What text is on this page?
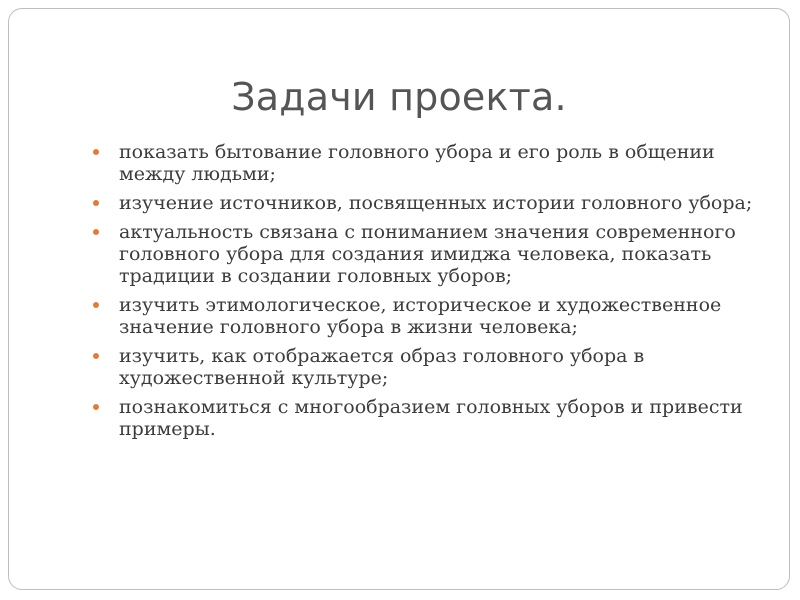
Задачи проекта.
показать бытование головного убора и его роль в общении между людьми;
изучение источников, посвященных истории головного убора;
актуальность связана с пониманием значения современного головного убора для создания имиджа человека, показать традиции в создании головных уборов;
изучить этимологическое, историческое и художественное значение головного убора в жизни человека;
изучить, как отображается образ головного убора в художественной культуре;
познакомиться с многообразием головных уборов и привести примеры.
